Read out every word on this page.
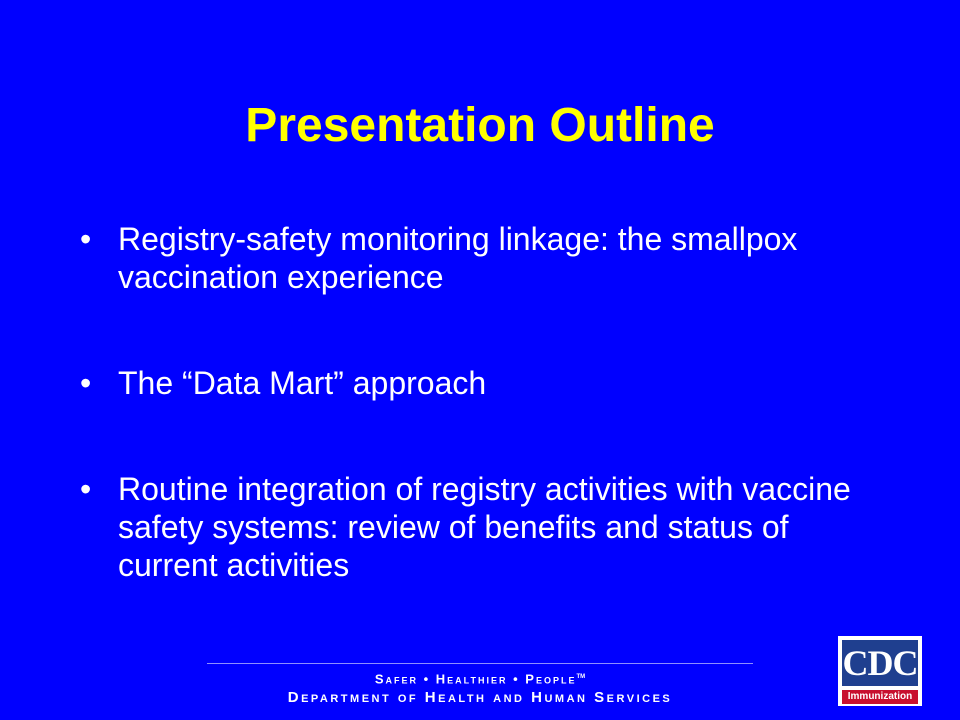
Presentation Outline
• Registry-safety monitoring linkage: the smallpox vaccination experience
• The “Data Mart” approach
• Routine integration of registry activities with vaccine safety systems: review of benefits and status of current activities
Safer • Healthier • People™
Department of Health and Human Services
CDC
Immunization
